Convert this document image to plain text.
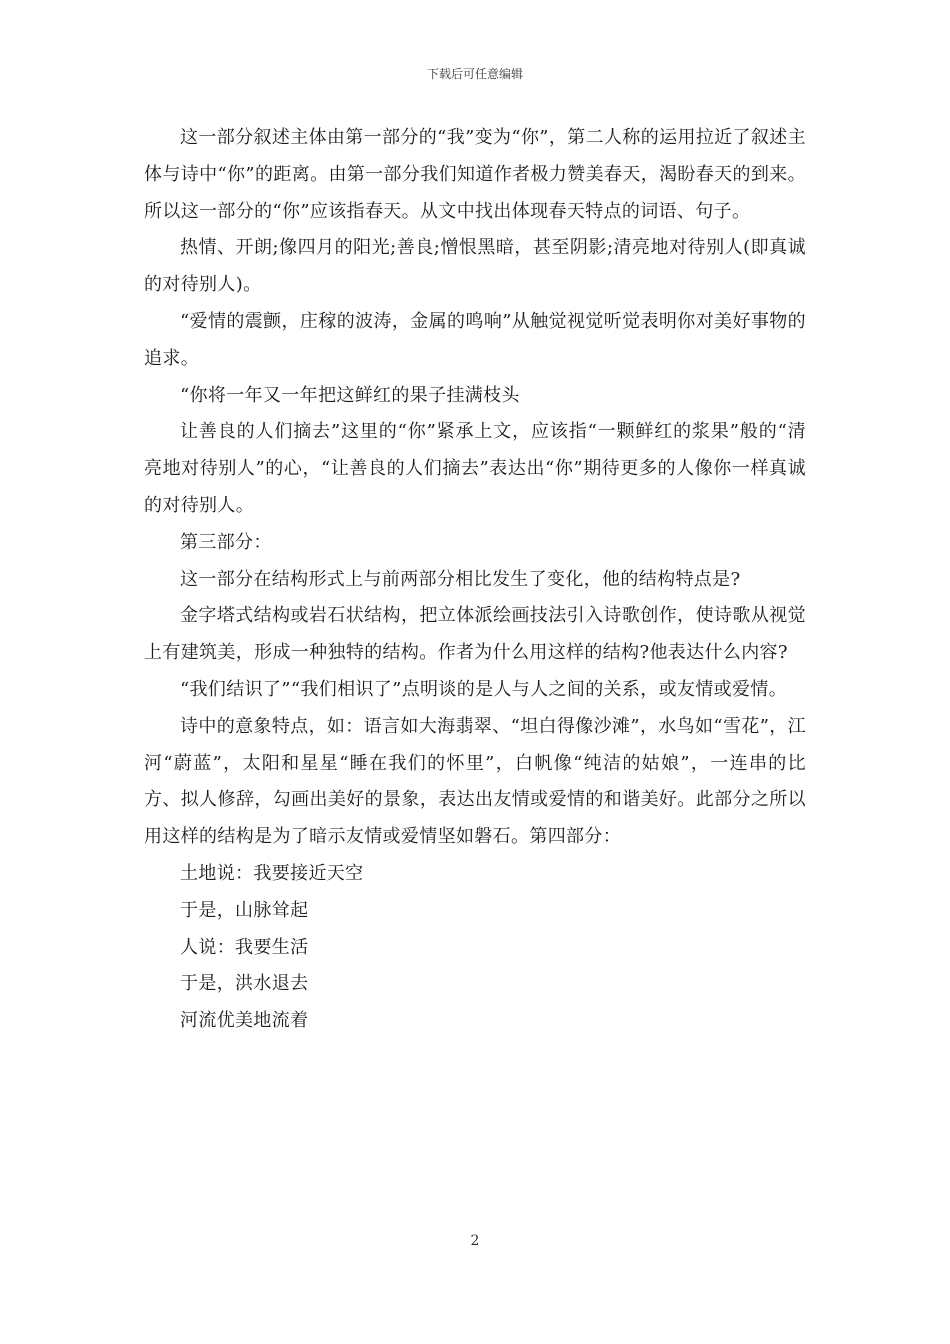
下载后可任意编辑

这一部分叙述主体由第一部分的“我”变为“你”，第二人称的运用拉近了叙述主体与诗中“你”的距离。由第一部分我们知道作者极力赞美春天，渴盼春天的到来。所以这一部分的“你”应该指春天。从文中找出体现春天特点的词语、句子。

热情、开朗;像四月的阳光;善良;憎恨黑暗，甚至阴影;清亮地对待别人(即真诚的对待别人)。

“爱情的震颤，庄稼的波涛，金属的鸣响”从触觉视觉听觉表明你对美好事物的追求。

“你将一年又一年把这鲜红的果子挂满枝头

让善良的人们摘去”这里的“你”紧承上文，应该指“一颗鲜红的浆果”般的“清亮地对待别人”的心，“让善良的人们摘去”表达出“你”期待更多的人像你一样真诚的对待别人。

第三部分：

这一部分在结构形式上与前两部分相比发生了变化，他的结构特点是?

金字塔式结构或岩石状结构，把立体派绘画技法引入诗歌创作，使诗歌从视觉上有建筑美，形成一种独特的结构。作者为什么用这样的结构?他表达什么内容?

“我们结识了”“我们相识了”点明谈的是人与人之间的关系，或友情或爱情。

诗中的意象特点，如：语言如大海翡翠、“坦白得像沙滩”，水鸟如“雪花”，江河“蔚蓝”，太阳和星星“睡在我们的怀里”，白帆像“纯洁的姑娘”，一连串的比方、拟人修辞，勾画出美好的景象，表达出友情或爱情的和谐美好。此部分之所以用这样的结构是为了暗示友情或爱情坚如磐石。第四部分：

土地说：我要接近天空

于是，山脉耸起

人说：我要生活

于是，洪水退去

河流优美地流着

2
